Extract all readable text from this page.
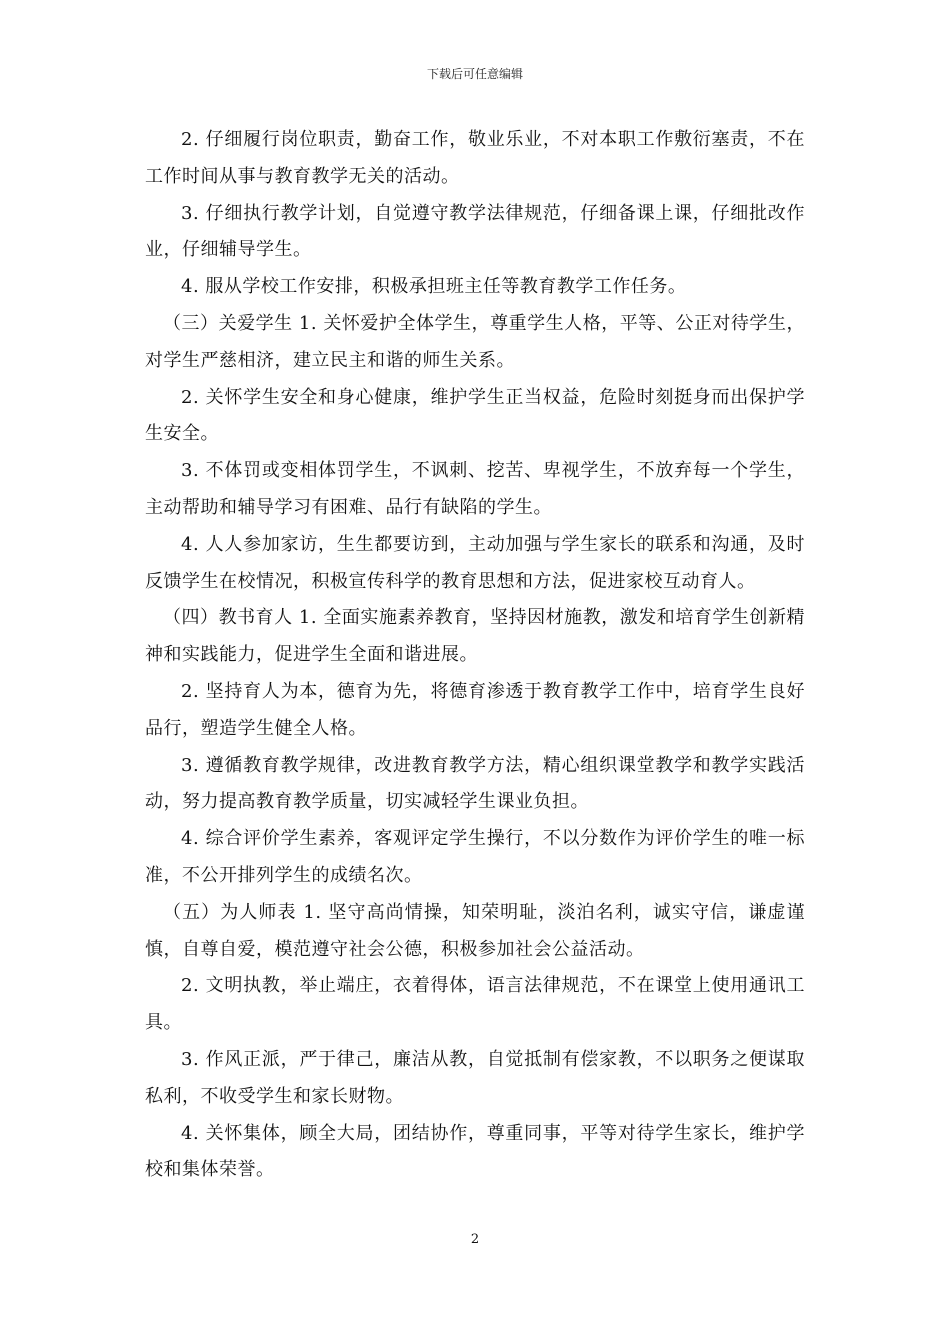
下载后可任意编辑

2. 仔细履行岗位职责，勤奋工作，敬业乐业，不对本职工作敷衍塞责，不在工作时间从事与教育教学无关的活动。

3. 仔细执行教学计划，自觉遵守教学法律规范，仔细备课上课，仔细批改作业，仔细辅导学生。

4. 服从学校工作安排，积极承担班主任等教育教学工作任务。

（三）关爱学生 1. 关怀爱护全体学生，尊重学生人格，平等、公正对待学生，对学生严慈相济，建立民主和谐的师生关系。

2. 关怀学生安全和身心健康，维护学生正当权益，危险时刻挺身而出保护学生安全。

3. 不体罚或变相体罚学生，不讽刺、挖苦、卑视学生，不放弃每一个学生，主动帮助和辅导学习有困难、品行有缺陷的学生。

4. 人人参加家访，生生都要访到，主动加强与学生家长的联系和沟通，及时反馈学生在校情况，积极宣传科学的教育思想和方法，促进家校互动育人。

（四）教书育人 1. 全面实施素养教育，坚持因材施教，激发和培育学生创新精神和实践能力，促进学生全面和谐进展。

2. 坚持育人为本，德育为先，将德育渗透于教育教学工作中，培育学生良好品行，塑造学生健全人格。

3. 遵循教育教学规律，改进教育教学方法，精心组织课堂教学和教学实践活动，努力提高教育教学质量，切实减轻学生课业负担。

4. 综合评价学生素养，客观评定学生操行，不以分数作为评价学生的唯一标准，不公开排列学生的成绩名次。

（五）为人师表 1. 坚守高尚情操，知荣明耻，淡泊名利，诚实守信，谦虚谨慎，自尊自爱，模范遵守社会公德，积极参加社会公益活动。

2. 文明执教，举止端庄，衣着得体，语言法律规范，不在课堂上使用通讯工具。

3. 作风正派，严于律己，廉洁从教，自觉抵制有偿家教，不以职务之便谋取私利，不收受学生和家长财物。

4. 关怀集体，顾全大局，团结协作，尊重同事，平等对待学生家长，维护学校和集体荣誉。

2
